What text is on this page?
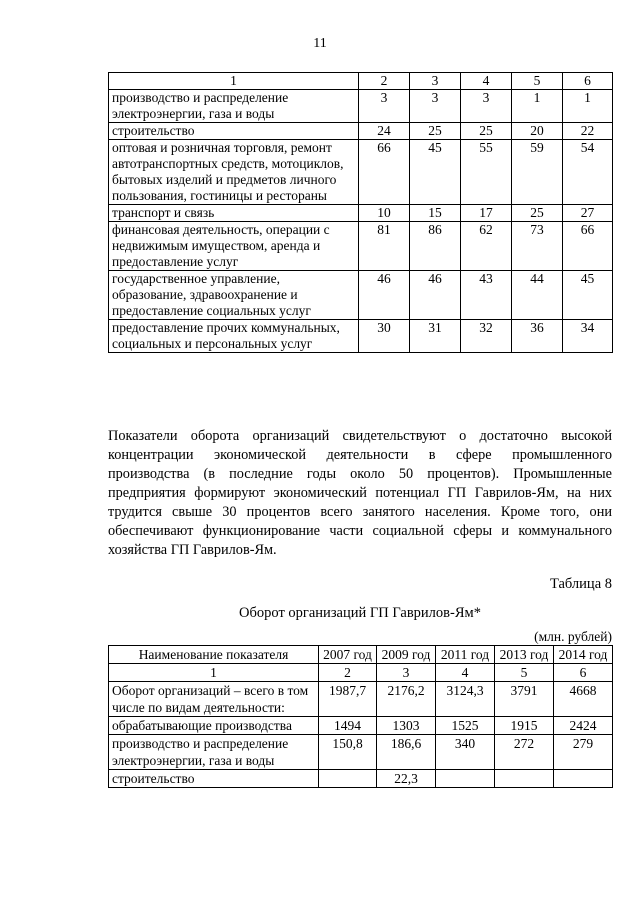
11
1	2	3	4	5	6
производство и распределение электроэнергии, газа и воды	3	3	3	1	1
строительство	24	25	25	20	22
оптовая и розничная торговля, ремонт автотранспортных средств, мотоциклов, бытовых изделий и предметов личного пользования, гостиницы и рестораны	66	45	55	59	54
транспорт и связь	10	15	17	25	27
финансовая деятельность, операции с недвижимым имуществом, аренда и предоставление услуг	81	86	62	73	66
государственное управление, образование, здравоохранение и предоставление социальных услуг	46	46	43	44	45
предоставление прочих коммунальных, социальных и персональных услуг	30	31	32	36	34

Показатели оборота организаций свидетельствуют о достаточно высокой концентрации экономической деятельности в сфере промышленного производства (в последние годы около 50 процентов). Промышленные предприятия формируют экономический потенциал ГП Гаврилов-Ям, на них трудится свыше 30 процентов всего занятого населения. Кроме того, они обеспечивают функционирование части социальной сферы и коммунального хозяйства ГП Гаврилов-Ям.

Таблица 8
Оборот организаций ГП Гаврилов-Ям*
(млн. рублей)
Наименование показателя	2007 год	2009 год	2011 год	2013 год	2014 год
1	2	3	4	5	6
Оборот организаций – всего в том числе по видам деятельности:	1987,7	2176,2	3124,3	3791	4668
обрабатывающие производства	1494	1303	1525	1915	2424
производство и распределение электроэнергии, газа и воды	150,8	186,6	340	272	279
строительство		22,3			
